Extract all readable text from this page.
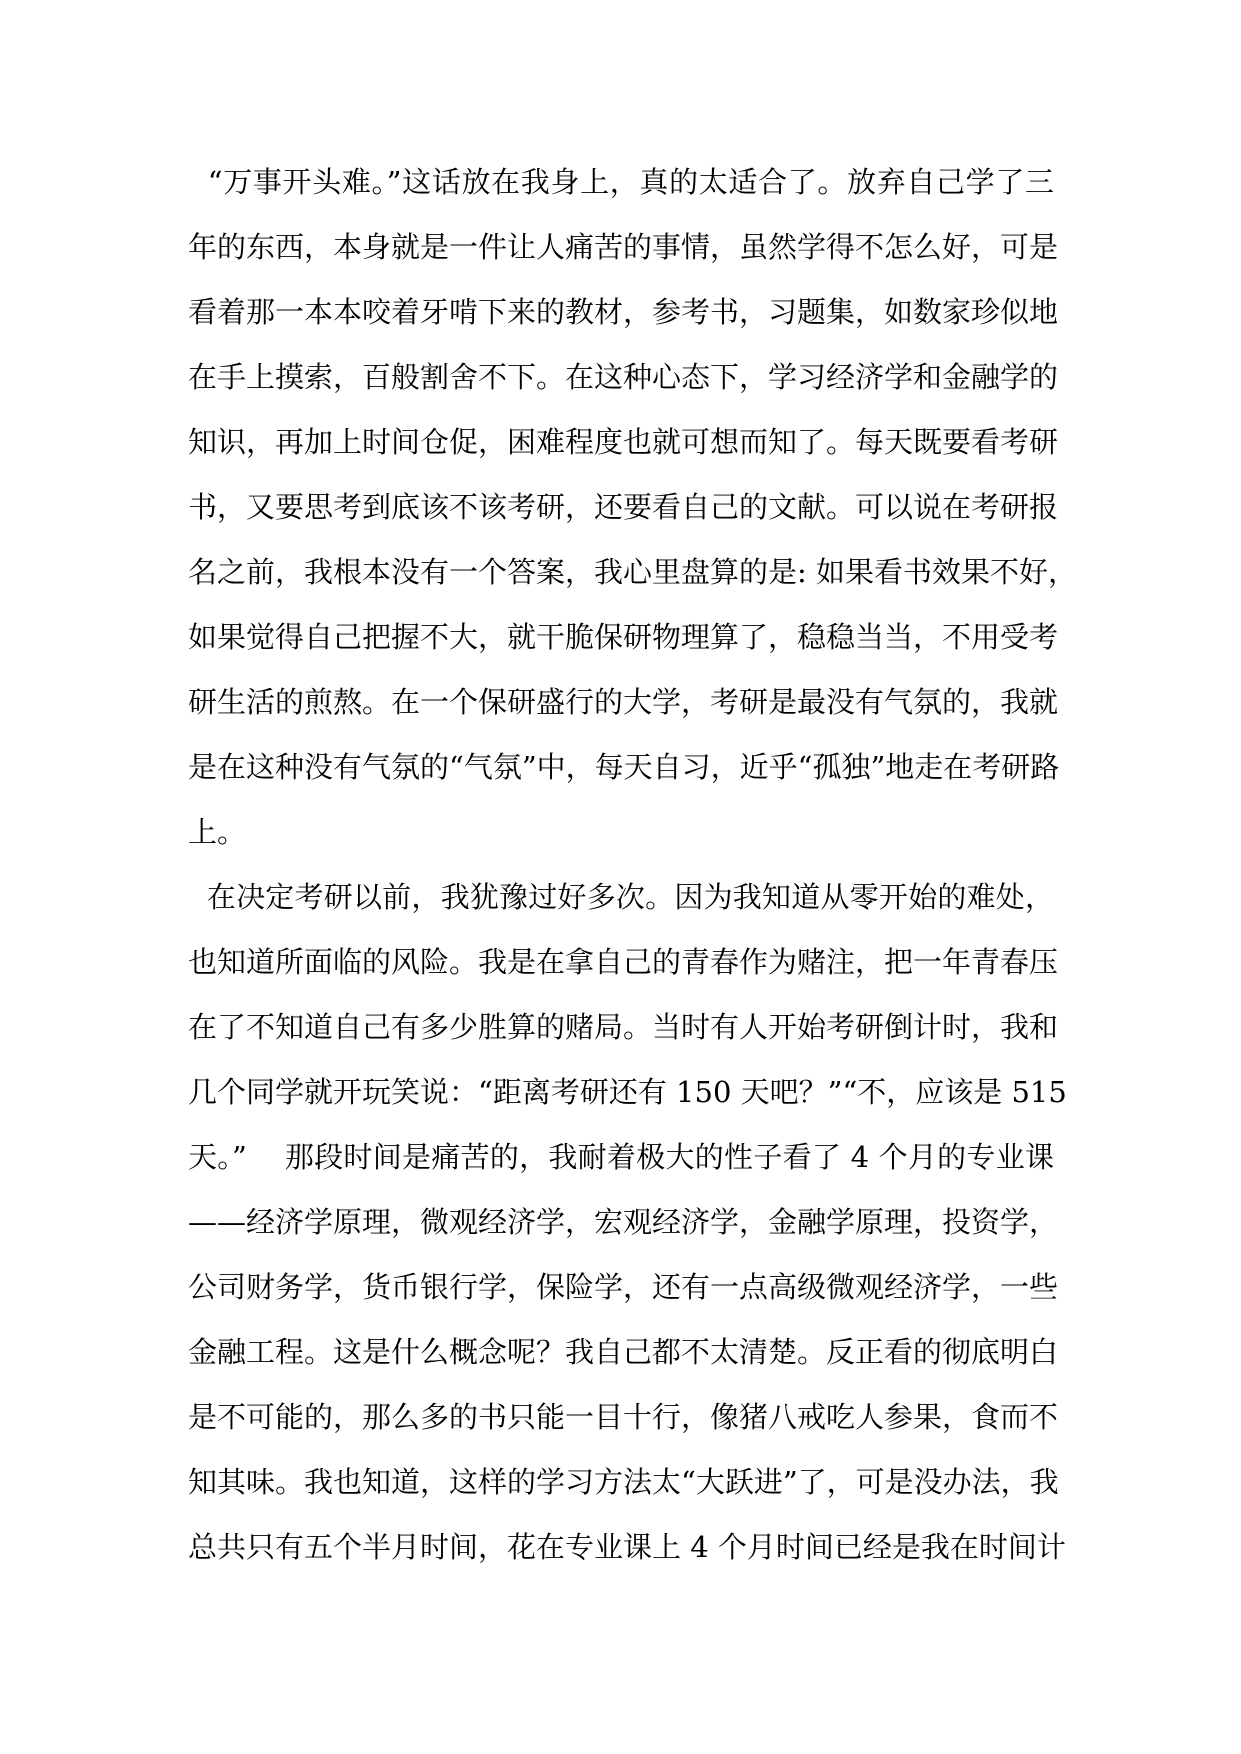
“万事开头难。”这话放在我身上，真的太适合了。放弃自己学了三
年的东西，本身就是一件让人痛苦的事情，虽然学得不怎么好，可是
看着那一本本咬着牙啃下来的教材，参考书，习题集，如数家珍似地
在手上摸索，百般割舍不下。在这种心态下，学习经济学和金融学的
知识，再加上时间仓促，困难程度也就可想而知了。每天既要看考研
书，又要思考到底该不该考研，还要看自己的文献。可以说在考研报
名之前，我根本没有一个答案，我心里盘算的是: 如果看书效果不好，
如果觉得自己把握不大，就干脆保研物理算了，稳稳当当，不用受考
研生活的煎熬。在一个保研盛行的大学，考研是最没有气氛的，我就
是在这种没有气氛的“气氛”中，每天自习，近乎“孤独”地走在考研路
上。
在决定考研以前，我犹豫过好多次。因为我知道从零开始的难处，
也知道所面临的风险。我是在拿自己的青春作为赌注，把一年青春压
在了不知道自己有多少胜算的赌局。当时有人开始考研倒计时，我和
几个同学就开玩笑说：“距离考研还有 150 天吧？”“不，应该是 515
天。”    那段时间是痛苦的，我耐着极大的性子看了 4 个月的专业课
——经济学原理，微观经济学，宏观经济学，金融学原理，投资学，
公司财务学，货币银行学，保险学，还有一点高级微观经济学，一些
金融工程。这是什么概念呢？我自己都不太清楚。反正看的彻底明白
是不可能的，那么多的书只能一目十行，像猪八戒吃人参果，食而不
知其味。我也知道，这样的学习方法太“大跃进”了，可是没办法，我
总共只有五个半月时间，花在专业课上 4 个月时间已经是我在时间计
